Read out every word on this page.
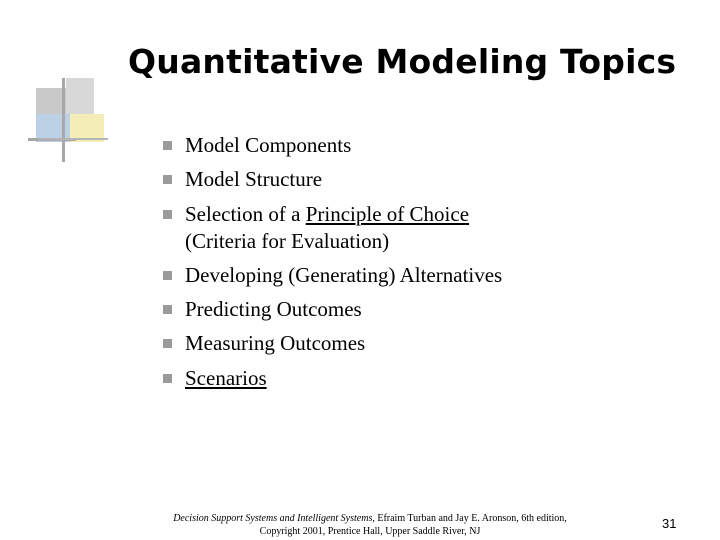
Quantitative Modeling Topics
Model Components
Model Structure
Selection of a Principle of Choice
(Criteria for Evaluation)
Developing (Generating) Alternatives
Predicting Outcomes
Measuring Outcomes
Scenarios
Decision Support Systems and Intelligent Systems, Efraim Turban and Jay E. Aronson, 6th edition,
Copyright 2001, Prentice Hall, Upper Saddle River, NJ
31
